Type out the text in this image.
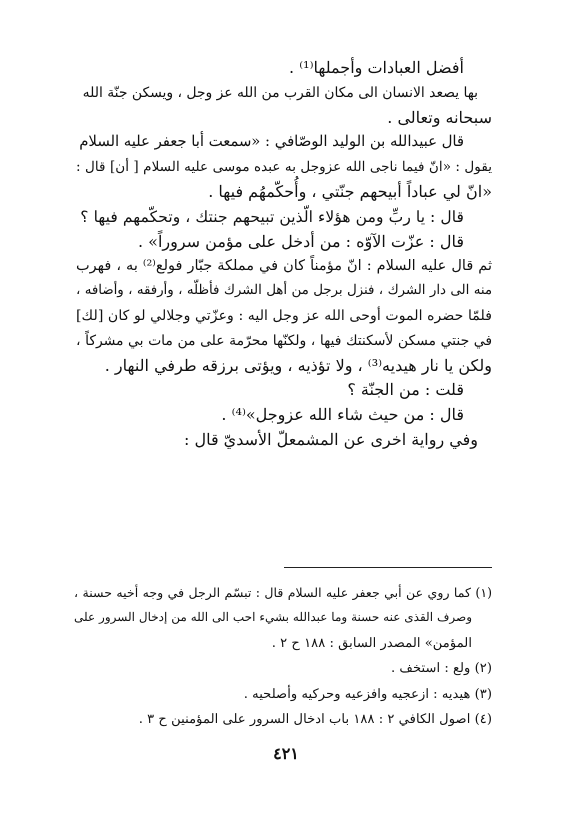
أفضل العبادات وأجملها⁽¹⁾ .
بها يصعد الانسان الى مكان القرب من الله عز وجل ، ويسكن جنّة الله
سبحانه وتعالى .
قال عبيدالله بن الوليد الوصّافي : «سمعت أبا جعفر عليه السلام
يقول : «انّ فيما ناجى الله عزوجل به عبده موسى عليه السلام [ أن] قال :
«انّ لي عباداً أبيحهم جنّتي ، وأُحكّمهُم فيها .
قال : يا ربِّ ومن هؤلاء الّذين تبيحهم جنتك ، وتحكّمهم فيها ؟
قال : عزّت الآوّه : من أدخل على مؤمن سروراً» .
ثم قال عليه السلام : انّ مؤمناً كان في مملكة جبّار فولع⁽²⁾ به ، فهرب
منه الى دار الشرك ، فنزل برجل من أهل الشرك فأظلّه ، وأرفقه ، وأضافه ،
فلمّا حضره الموت أوحى الله عز وجل اليه : وعزّتي وجلالي لو كان [لك]
في جنتي مسكن لأسكنتك فيها ، ولكنّها محرّمة على من مات بي مشركاً ،
ولكن يا نار هيديه⁽³⁾ ، ولا تؤذيه ، ويؤتى برزقه طرفي النهار .
قلت : من الجنّة ؟
قال : من حيث شاء الله عزوجل»⁽⁴⁾ .
وفي رواية اخرى عن المشمعلّ الأسديّ قال :
(١) كما روي عن أبي جعفر عليه السلام قال : تبسّم الرجل في وجه أخيه حسنة ،
وصرف القذى عنه حسنة وما عبدالله بشيء احب الى الله من إدخال السرور على
المؤمن» المصدر السابق : ١٨٨ ح ٢ .
(٢) ولع : استخف .
(٣) هيديه : ازعجيه وافزعيه وحركيه وأصلحيه .
(٤) اصول الكافي ٢ : ١٨٨ باب ادخال السرور على المؤمنين ح ٣ .
٤٢١
